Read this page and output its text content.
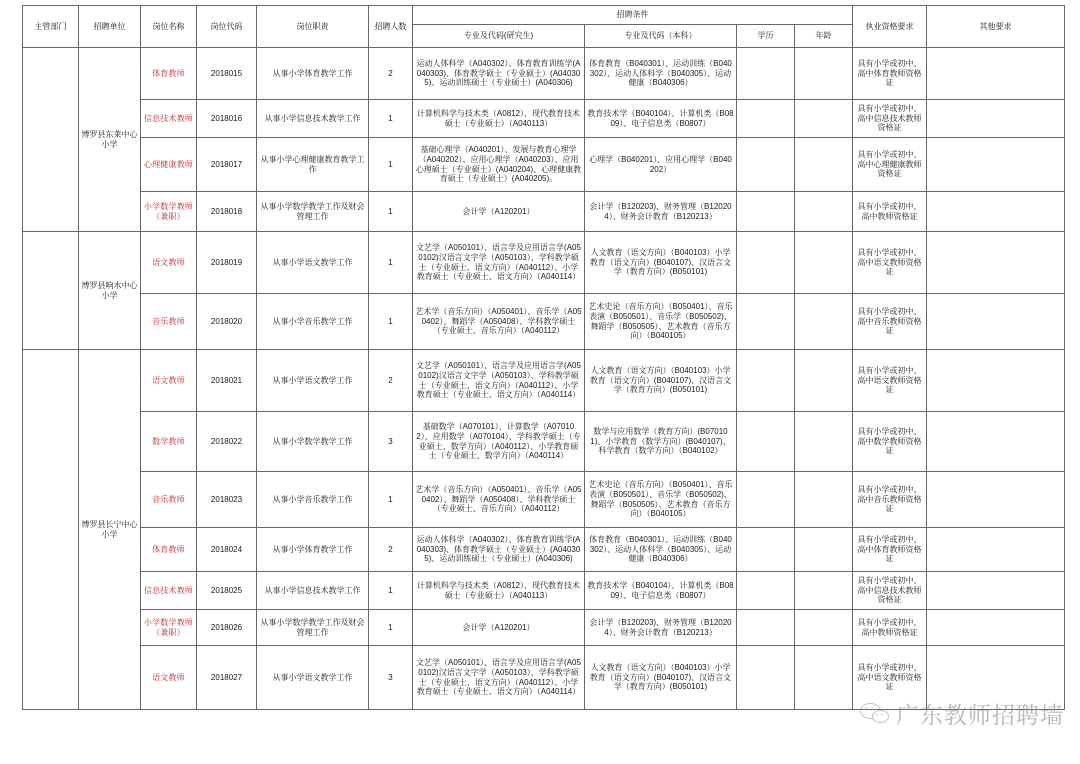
主管部门	招聘单位	岗位名称	岗位代码	岗位职责	招聘人数	招聘条件				执业资格要求	其他要求
						专业及代码(研究生)	专业及代码（本科）	学历	年龄		
	博罗县东莱中心小学	体育教师	2018015	从事小学体育教学工作	2	运动人体科学（A040302）、体育教育训练学(A040303)、体育教学硕士（专业硕士）(A040305)、运动训练硕士（专业硕士）(A040306)	体育教育（B040301）、运动训练（B040302）、运动人体科学（B040305）、运动健康（B040306）			具有小学或初中、高中体育教师资格证	
		信息技术教师	2018016	从事小学信息技术教学工作	1	计算机科学与技术类（A0812）、现代教育技术硕士（专业硕士）（A040113）	教育技术学（B040104）、计算机类（B0809）、电子信息类（B0807）			具有小学或初中、高中信息技术教师资格证	
		心理健康教师	2018017	从事小学心理健康教育教学工作	1	基础心理学（A040201）、发展与教育心理学（A040202）、应用心理学（A040203）、应用心理硕士（专业硕士）(A040204)、心理健康教育硕士（专业硕士）(A040205)。	心理学（B040201）、应用心理学（B040202）			具有小学或初中、高中心理健康教师资格证	
		小学数学教师（兼职）	2018018	从事小学数学教学工作及财会管理工作	1	会计学（A120201）	会计学（B120203)、财务管理（B120204）、财务会计教育（B120213）			具有小学或初中、高中教师资格证	
	博罗县响水中心小学	语文教师	2018019	从事小学语文教学工作	1	文艺学（A050101）、语言学及应用语言学(A050102)汉语言文字学（A050103）、学科教学硕士（专业硕士、语文方向）（A040112）、小学教育硕士（专业硕士、语文方向）（A040114）	人文教育（语文方向）（B040103）小学教育（语文方向）(B040107)、汉语言文学（教育方向）(B050101)			具有小学或初中、高中语文教师资格证	
		音乐教师	2018020	从事小学音乐教学工作	1	艺术学（音乐方向）（A050401）、音乐学（A050402）、舞蹈学（A050408）、学科教学硕士（专业硕士、音乐方向）（A040112）	艺术史论（音乐方向）（B050401）、音乐表演（B050501）、音乐学（B050502)、舞蹈学（B050505）、艺术教育（音乐方向）（B040105）			具有小学或初中、高中音乐教师资格证	
	博罗县长宁中心小学	语文教师	2018021	从事小学语文教学工作	2	文艺学（A050101）、语言学及应用语言学(A050102)汉语言文字学（A050103）、学科教学硕士（专业硕士、语文方向）（A040112）、小学教育硕士（专业硕士、语文方向）（A040114）	人文教育（语文方向）（B040103）小学教育（语文方向）(B040107)、汉语言文学（教育方向）(B050101)			具有小学或初中、高中语文教师资格证	
		数学教师	2018022	从事小学数学教学工作	3	基础数学（A070101）、计算数学（A070102）、应用数学（A070104）、学科教学硕士（专业硕士、数学方向）（A040112）、小学教育硕士（专业硕士、数学方向）（A040114）	数学与应用数学（教育方向）(B070101)、小学教育（数学方向）(B040107)、科学教育（数学方向）（B040102）			具有小学或初中、高中数学教师资格证	
		音乐教师	2018023	从事小学音乐教学工作	1	艺术学（音乐方向）（A050401）、音乐学（A050402）、舞蹈学（A050408）、学科教学硕士（专业硕士、音乐方向）（A040112）	艺术史论（音乐方向）（B050401）、音乐表演（B050501）、音乐学（B050502)、舞蹈学（B050505）、艺术教育（音乐方向）（B040105）			具有小学或初中、高中音乐教师资格证	
		体育教师	2018024	从事小学体育教学工作	2	运动人体科学（A040302）、体育教育训练学(A040303)、体育教学硕士（专业硕士）(A040305)、运动训练硕士（专业硕士）(A040306)	体育教育（B040301）、运动训练（B040302）、运动人体科学（B040305）、运动健康（B040306）			具有小学或初中、高中体育教师资格证	
		信息技术教师	2018025	从事小学信息技术教学工作	1	计算机科学与技术类（A0812）、现代教育技术硕士（专业硕士）（A040113）	教育技术学（B040104）、计算机类（B0809）、电子信息类（B0807）			具有小学或初中、高中信息技术教师资格证	
		小学数学教师（兼职）	2018026	从事小学数学教学工作及财会管理工作	1	会计学（A120201）	会计学（B120203)、财务管理（B120204）、财务会计教育（B120213）			具有小学或初中、高中教师资格证	
		语文教师	2018027	从事小学语文教学工作	3	文艺学（A050101）、语言学及应用语言学(A050102)汉语言文字学（A050103）、学科教学硕士（专业硕士、语文方向）（A040112）、小学教育硕士（专业硕士、语文方向）（A040114）	人文教育（语文方向）（B040103）小学教育（语文方向）(B040107)、汉语言文学（教育方向）(B050101)			具有小学或初中、高中语文教师资格证	
广东教师招聘墙
